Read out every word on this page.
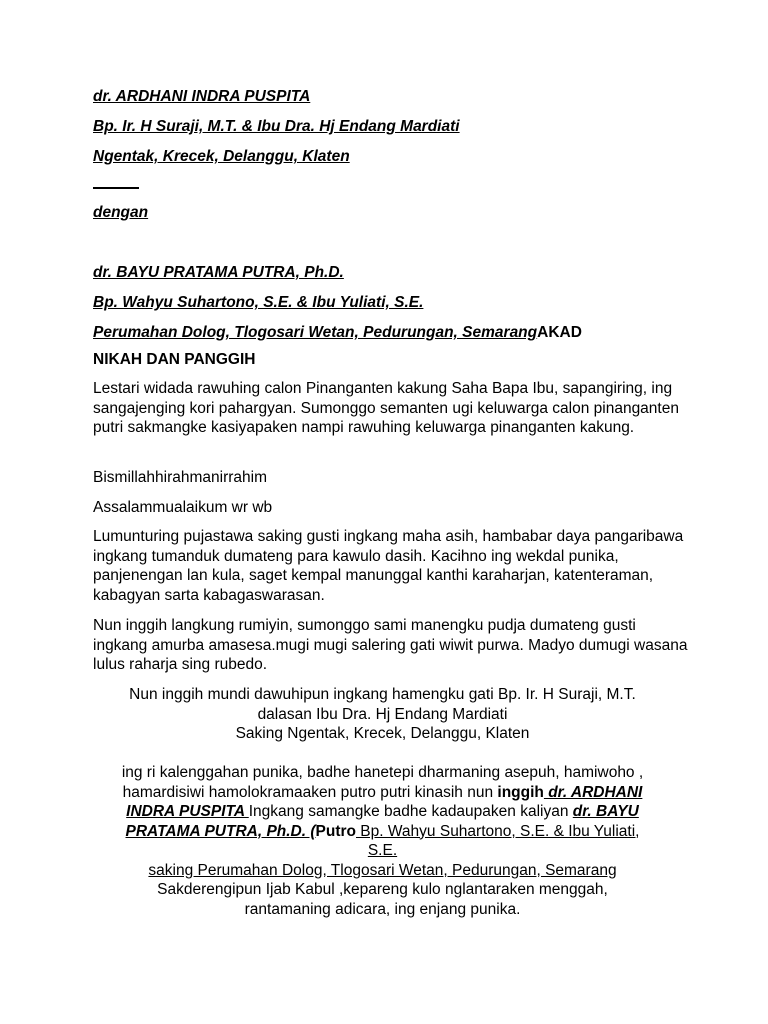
dr. ARDHANI INDRA PUSPITA
Bp. Ir. H Suraji, M.T. & Ibu Dra. Hj Endang Mardiati
Ngentak, Krecek, Delanggu, Klaten
dengan
dr. BAYU PRATAMA PUTRA, Ph.D.
Bp. Wahyu Suhartono, S.E. & Ibu Yuliati, S.E.
Perumahan Dolog, Tlogosari Wetan, Pedurungan, SemarangAKAD
NIKAH DAN PANGGIH
Lestari widada rawuhing calon Pinanganten kakung Saha Bapa Ibu, sapangiring, ing sangajenging kori pahargyan. Sumonggo semanten ugi keluwarga calon pinanganten putri sakmangke kasiyapaken nampi rawuhing keluwarga pinanganten kakung.
Bismillahhirahmanirrahim
Assalammualaikum wr wb
Lumunturing pujastawa saking gusti ingkang maha asih, hambabar daya pangaribawa ingkang tumanduk dumateng para kawulo dasih. Kacihno ing wekdal punika, panjenengan lan kula, saget kempal manunggal kanthi karaharjan, katenteraman, kabagyan sarta kabagaswarasan.
Nun inggih langkung rumiyin, sumonggo sami manengku pudja dumateng gusti ingkang amurba amasesa.mugi mugi salering gati wiwit purwa. Madyo dumugi wasana lulus raharja sing rubedo.
Nun inggih mundi dawuhipun ingkang hamengku gati Bp. Ir. H Suraji, M.T.
dalasan Ibu Dra. Hj Endang Mardiati
Saking Ngentak, Krecek, Delanggu, Klaten
ing ri kalenggahan punika, badhe hanetepi dharmaning asepuh, hamiwoho ,
hamardisiwi hamolokramaaken putro putri kinasih nun inggih dr. ARDHANI
INDRA PUSPITA Ingkang samangke badhe kadaupaken kaliyan dr. BAYU
PRATAMA PUTRA, Ph.D. (Putro Bp. Wahyu Suhartono, S.E. & Ibu Yuliati,
S.E.
saking Perumahan Dolog, Tlogosari Wetan, Pedurungan, Semarang
Sakderengipun Ijab Kabul ,kepareng kulo nglantaraken menggah,
rantamaning adicara, ing enjang punika.
